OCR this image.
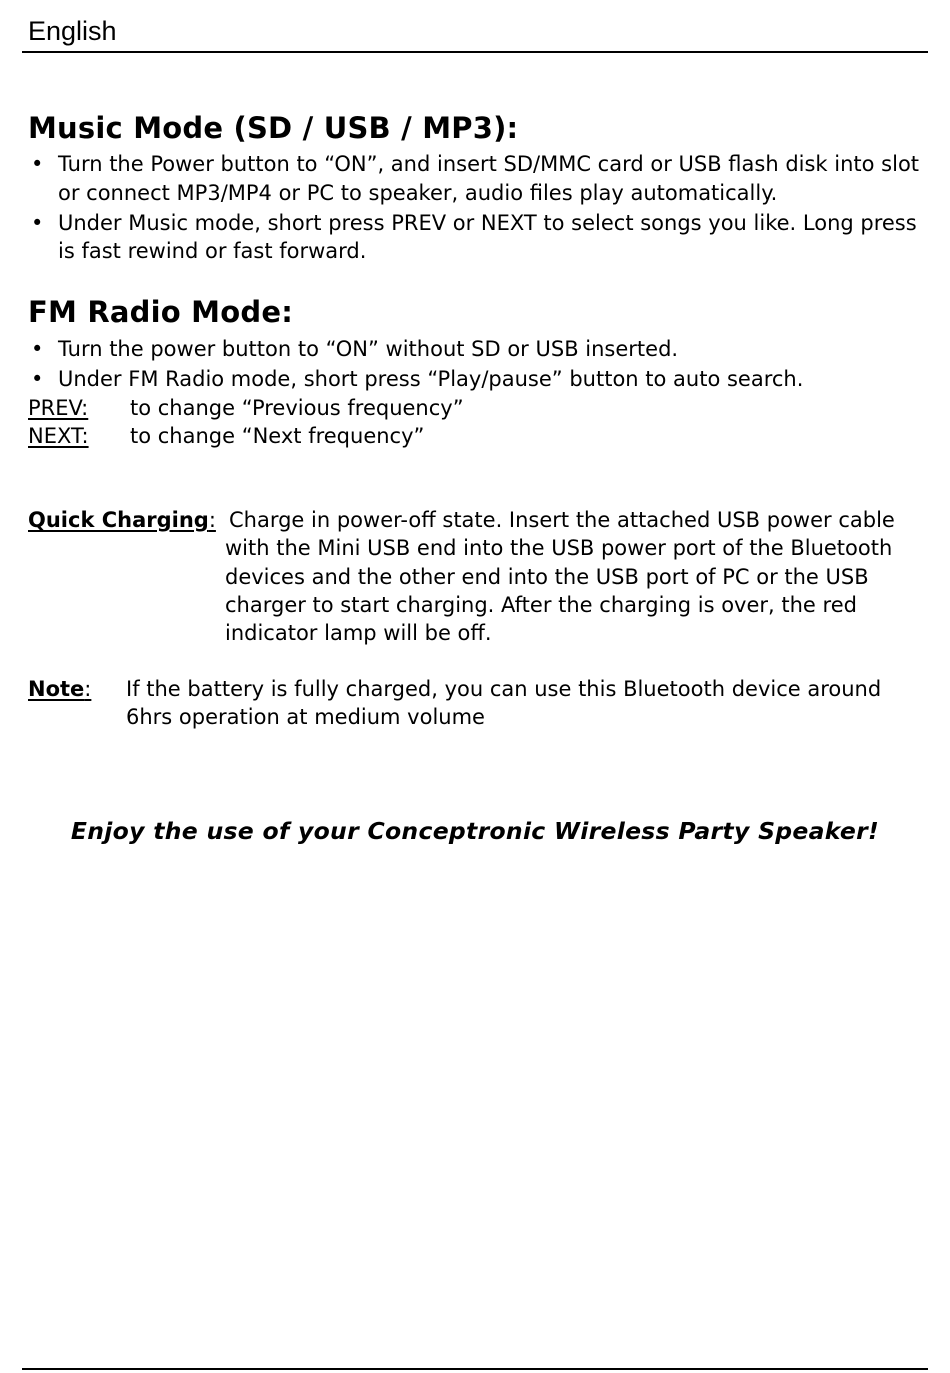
English
Music Mode (SD / USB / MP3):
• Turn the Power button to “ON”, and insert SD/MMC card or USB flash disk into slot or connect MP3/MP4 or PC to speaker, audio files play automatically.
• Under Music mode, short press PREV or NEXT to select songs you like. Long press is fast rewind or fast forward.
FM Radio Mode:
• Turn the power button to “ON” without SD or USB inserted.
• Under FM Radio mode, short press “Play/pause” button to auto search.
PREV: to change “Previous frequency”
NEXT: to change “Next frequency”
Quick Charging: Charge in power-off state. Insert the attached USB power cable with the Mini USB end into the USB power port of the Bluetooth devices and the other end into the USB port of PC or the USB charger to start charging. After the charging is over, the red indicator lamp will be off.
Note: If the battery is fully charged, you can use this Bluetooth device around 6hrs operation at medium volume
Enjoy the use of your Conceptronic Wireless Party Speaker!
